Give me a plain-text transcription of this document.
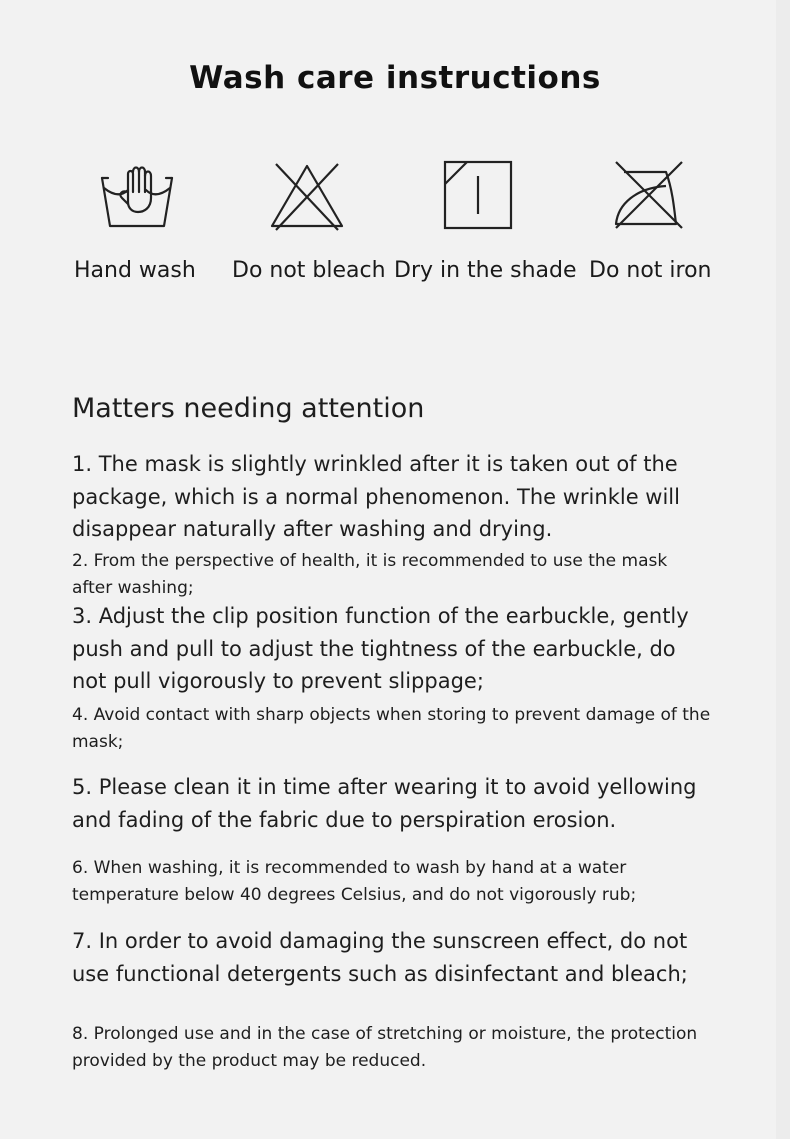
Wash care instructions
Hand wash Do not bleach Dry in the shade Do not iron
Matters needing attention
1. The mask is slightly wrinkled after it is taken out of the package, which is a normal phenomenon. The wrinkle will disappear naturally after washing and drying.
2. From the perspective of health, it is recommended to use the mask after washing;
3. Adjust the clip position function of the earbuckle, gently push and pull to adjust the tightness of the earbuckle, do not pull vigorously to prevent slippage;
4. Avoid contact with sharp objects when storing to prevent damage of the mask;
5. Please clean it in time after wearing it to avoid yellowing and fading of the fabric due to perspiration erosion.
6. When washing, it is recommended to wash by hand at a water temperature below 40 degrees Celsius, and do not vigorously rub;
7. In order to avoid damaging the sunscreen effect, do not use functional detergents such as disinfectant and bleach;
8. Prolonged use and in the case of stretching or moisture, the protection provided by the product may be reduced.
